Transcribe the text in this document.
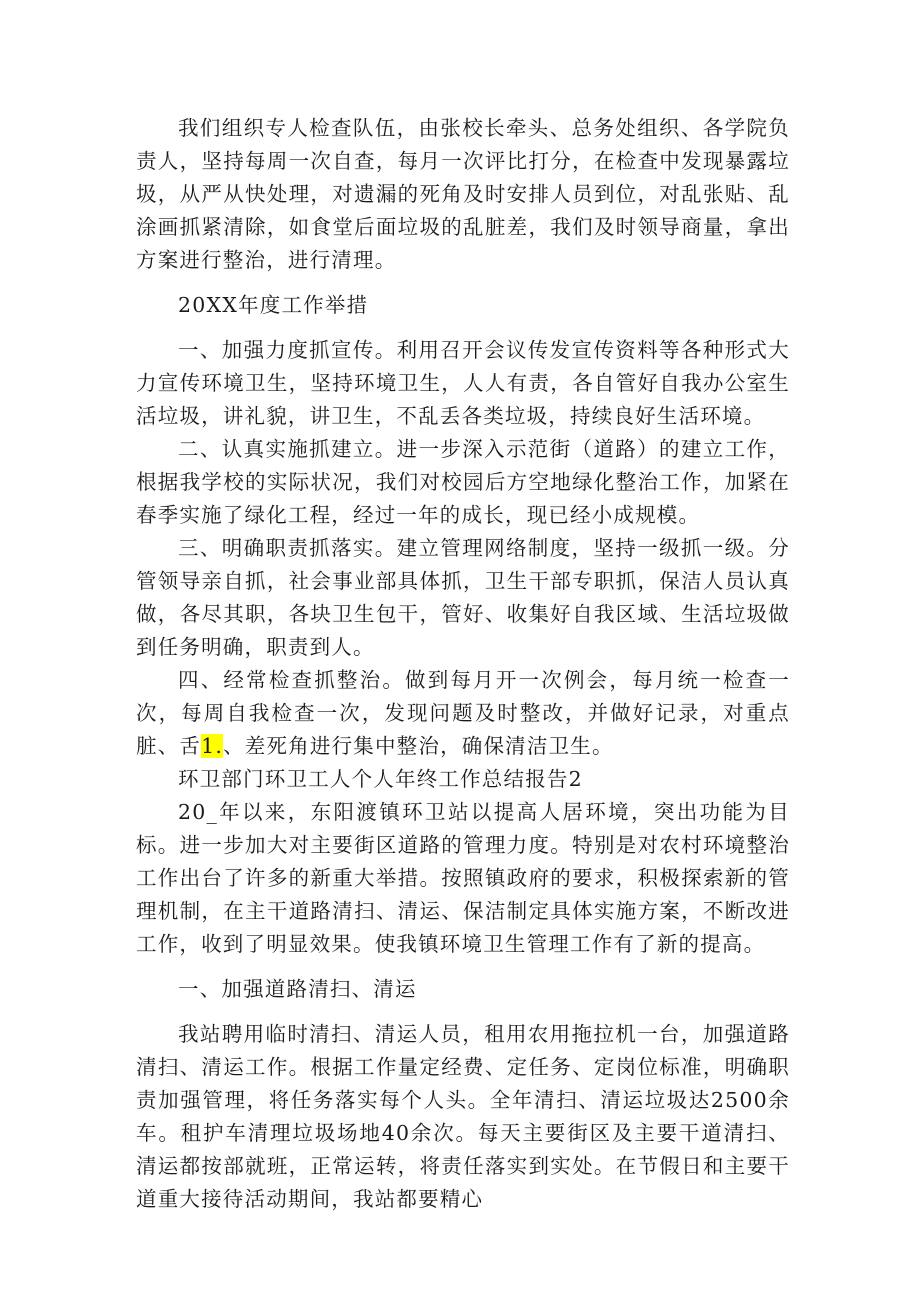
我们组织专人检查队伍，由张校长牵头、总务处组织、各学院负责人，坚持每周一次自查，每月一次评比打分，在检查中发现暴露垃圾，从严从快处理，对遗漏的死角及时安排人员到位，对乱张贴、乱涂画抓紧清除，如食堂后面垃圾的乱脏差，我们及时领导商量，拿出方案进行整治，进行清理。

20XX年度工作举措

一、加强力度抓宣传。利用召开会议传发宣传资料等各种形式大力宣传环境卫生，坚持环境卫生，人人有责，各自管好自我办公室生活垃圾，讲礼貌，讲卫生，不乱丢各类垃圾，持续良好生活环境。

二、认真实施抓建立。进一步深入示范街（道路）的建立工作，根据我学校的实际状况，我们对校园后方空地绿化整治工作，加紧在春季实施了绿化工程，经过一年的成长，现已经小成规模。

三、明确职责抓落实。建立管理网络制度，坚持一级抓一级。分管领导亲自抓，社会事业部具体抓，卫生干部专职抓，保洁人员认真做，各尽其职，各块卫生包干，管好、收集好自我区域、生活垃圾做到任务明确，职责到人。

四、经常检查抓整治。做到每月开一次例会，每月统一检查一次，每周自我检查一次，发现问题及时整改，并做好记录，对重点脏、舌1.、差死角进行集中整治，确保清洁卫生。

环卫部门环卫工人个人年终工作总结报告2

20_年以来，东阳渡镇环卫站以提高人居环境，突出功能为目标。进一步加大对主要街区道路的管理力度。特别是对农村环境整治工作出台了许多的新重大举措。按照镇政府的要求，积极探索新的管理机制，在主干道路清扫、清运、保洁制定具体实施方案，不断改进工作，收到了明显效果。使我镇环境卫生管理工作有了新的提高。

一、加强道路清扫、清运

我站聘用临时清扫、清运人员，租用农用拖拉机一台，加强道路清扫、清运工作。根据工作量定经费、定任务、定岗位标准，明确职责加强管理，将任务落实每个人头。全年清扫、清运垃圾达2500余车。租护车清理垃圾场地40余次。每天主要街区及主要干道清扫、清运都按部就班，正常运转，将责任落实到实处。在节假日和主要干道重大接待活动期间，我站都要精心
